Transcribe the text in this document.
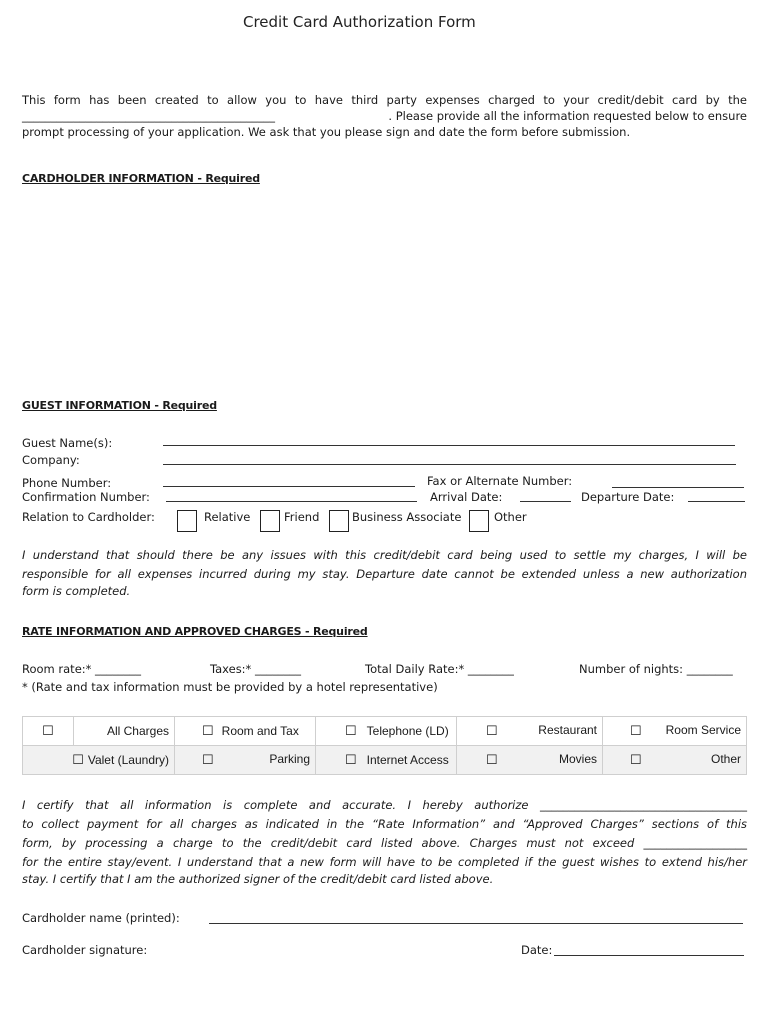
Credit Card Authorization Form
This form has been created to allow you to have third party expenses charged to your credit/debit card by the
____________________________________________	. Please provide all the information requested below to ensure
prompt processing of your application. We ask that you please sign and date the form before submission.
CARDHOLDER INFORMATION - Required
GUEST INFORMATION - Required
Guest Name(s):
Company:
Phone Number:	Fax or Alternate Number:
Confirmation Number:	Arrival Date:	Departure Date:
Relation to Cardholder:	Relative	Friend	Business Associate	Other
I understand that should there be any issues with this credit/debit card being used to settle my charges, I will be
responsible for all expenses incurred during my stay. Departure date cannot be extended unless a new authorization
form is completed.
RATE INFORMATION AND APPROVED CHARGES - Required
Room rate:* ________	Taxes:* ________	Total Daily Rate:* ________	Number of nights: ________
* (Rate and tax information must be provided by a hotel representative)
☐	All Charges	☐ Room and Tax	☐ Telephone (LD)	☐ Restaurant	☐ Room Service

☐ Valet (Laundry)		☐ Parking	☐ Internet Access	☐ Movies	☐ Other
I certify that all information is complete and accurate. I hereby authorize ____________________________________
to collect payment for all charges as indicated in the “Rate Information” and “Approved Charges” sections of this
form, by processing a charge to the credit/debit card listed above. Charges must not exceed __________________
for the entire stay/event. I understand that a new form will have to be completed if the guest wishes to extend his/her
stay. I certify that I am the authorized signer of the credit/debit card listed above.
Cardholder name (printed):
Cardholder signature:	Date:
